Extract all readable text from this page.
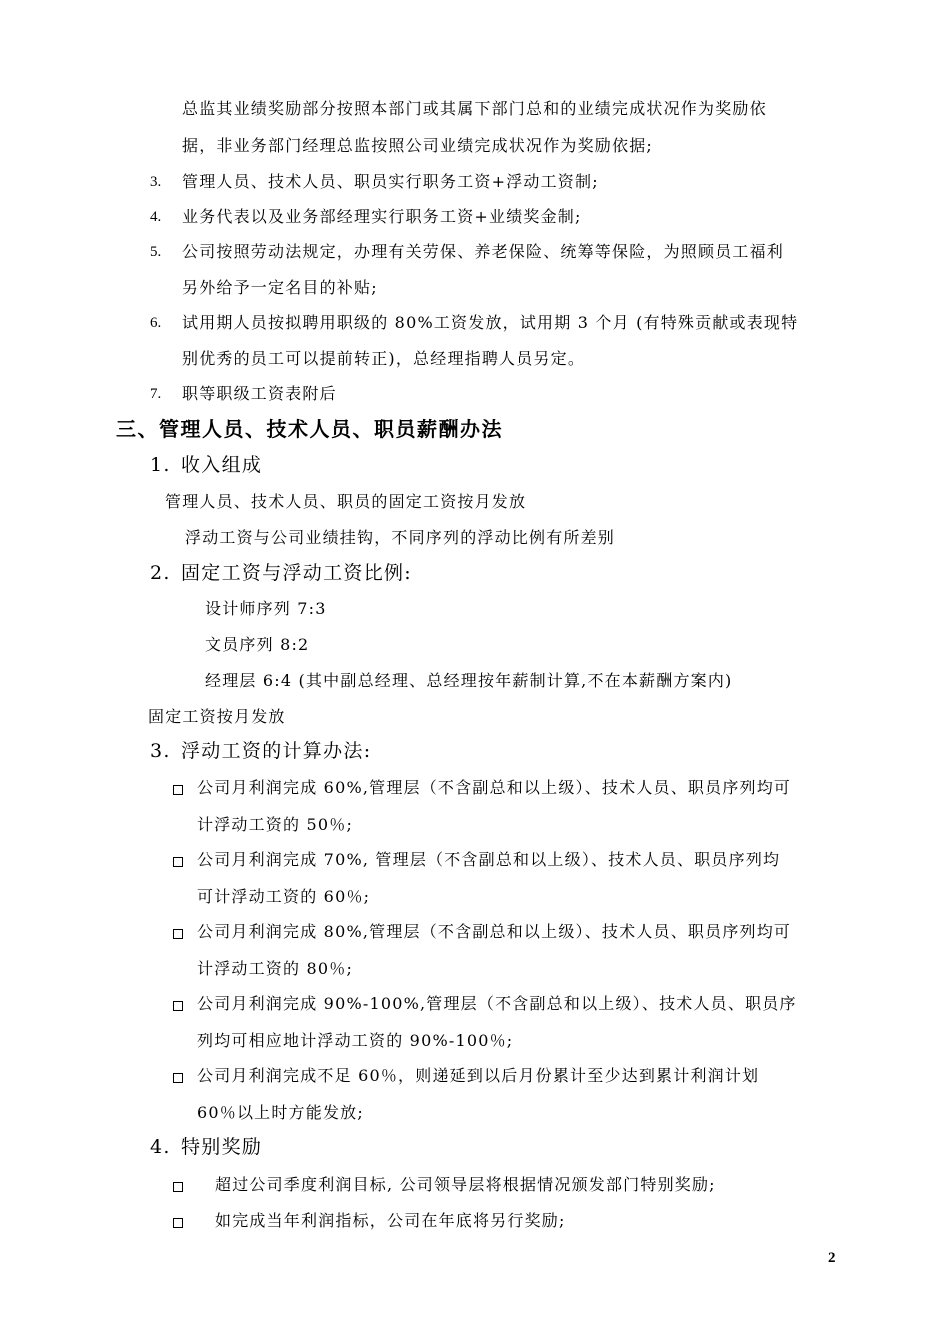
总监其业绩奖励部分按照本部门或其属下部门总和的业绩完成状况作为奖励依
据，非业务部门经理总监按照公司业绩完成状况作为奖励依据;
3. 管理人员、技术人员、职员实行职务工资+浮动工资制;
4. 业务代表以及业务部经理实行职务工资+业绩奖金制;
5. 公司按照劳动法规定，办理有关劳保、养老保险、统筹等保险，为照顾员工福利
另外给予一定名目的补贴;
6. 试用期人员按拟聘用职级的 80%工资发放，试用期 3 个月 (有特殊贡献或表现特
别优秀的员工可以提前转正)，总经理指聘人员另定。
7. 职等职级工资表附后
三、管理人员、技术人员、职员薪酬办法
1. 收入组成
管理人员、技术人员、职员的固定工资按月发放
浮动工资与公司业绩挂钩，不同序列的浮动比例有所差别
2. 固定工资与浮动工资比例:
设计师序列 7:3
文员序列 8:2
经理层 6:4 (其中副总经理、总经理按年薪制计算,不在本薪酬方案内)
固定工资按月发放
3. 浮动工资的计算办法:
公司月利润完成 60%,管理层（不含副总和以上级）、技术人员、职员序列均可
计浮动工资的 50％;
公司月利润完成 70%, 管理层（不含副总和以上级）、技术人员、职员序列均
可计浮动工资的 60％;
公司月利润完成 80%,管理层（不含副总和以上级）、技术人员、职员序列均可
计浮动工资的 80％;
公司月利润完成 90%-100%,管理层（不含副总和以上级）、技术人员、职员序
列均可相应地计浮动工资的 90%-100％;
公司月利润完成不足 60％，则递延到以后月份累计至少达到累计利润计划
60％以上时方能发放;
4. 特别奖励
超过公司季度利润目标, 公司领导层将根据情况颁发部门特别奖励;
如完成当年利润指标，公司在年底将另行奖励;
2
